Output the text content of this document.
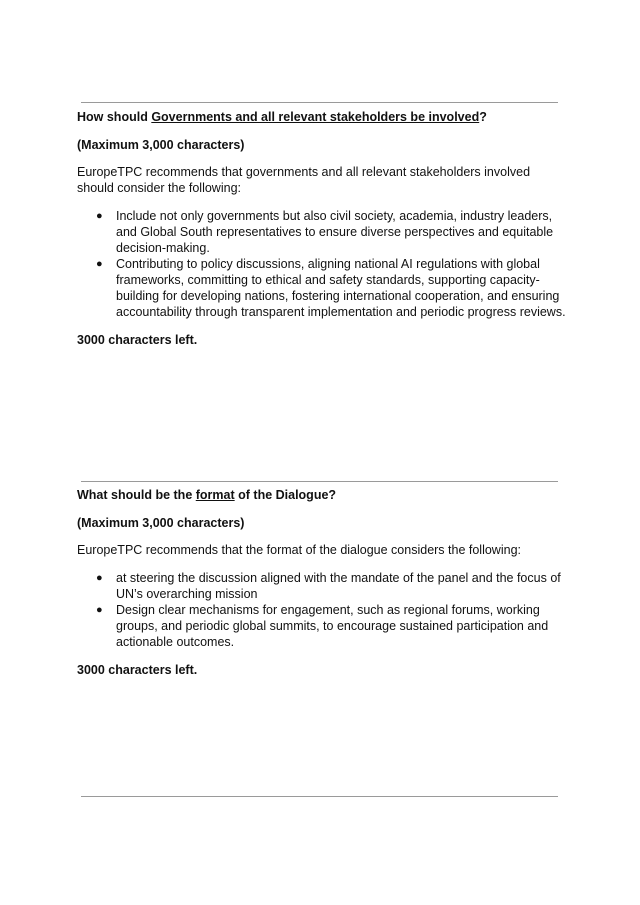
How should Governments and all relevant stakeholders be involved?

(Maximum 3,000 characters)

EuropeTPC recommends that governments and all relevant stakeholders involved should consider the following:

● Include not only governments but also civil society, academia, industry leaders, and Global South representatives to ensure diverse perspectives and equitable decision-making.
● Contributing to policy discussions, aligning national AI regulations with global frameworks, committing to ethical and safety standards, supporting capacity-building for developing nations, fostering international cooperation, and ensuring accountability through transparent implementation and periodic progress reviews.

3000 characters left.

What should be the format of the Dialogue?

(Maximum 3,000 characters)

EuropeTPC recommends that the format of the dialogue considers the following:

● at steering the discussion aligned with the mandate of the panel and the focus of UN’s overarching mission
● Design clear mechanisms for engagement, such as regional forums, working groups, and periodic global summits, to encourage sustained participation and actionable outcomes.

3000 characters left.
